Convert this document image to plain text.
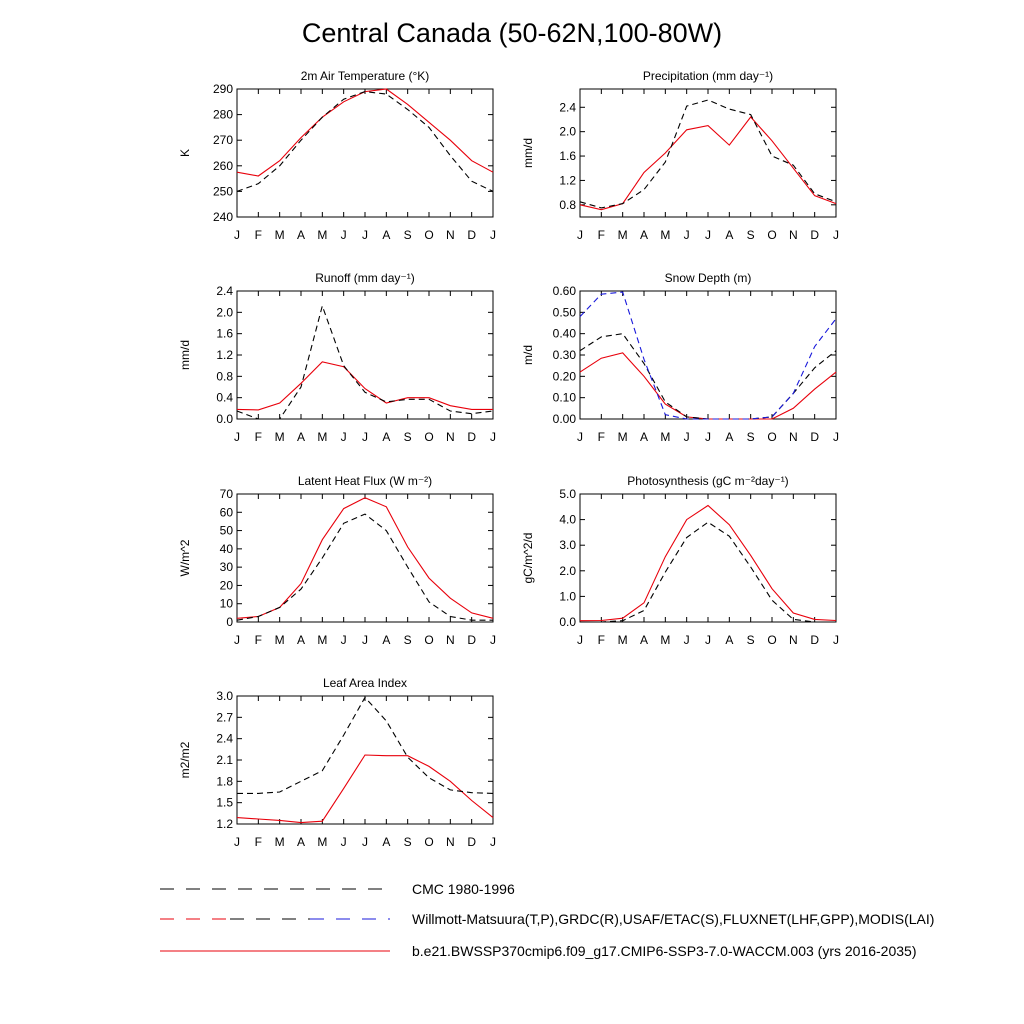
Central Canada (50-62N,100-80W)
2m Air Temperature (°K)
K
240
250
260
270
280
290
J F M A M J J A S O N D J
Precipitation (mm day⁻¹)
mm/d
0.8
1.2
1.6
2.0
2.4
J F M A M J J A S O N D J
Runoff (mm day⁻¹)
mm/d
0.0
0.4
0.8
1.2
1.6
2.0
2.4
J F M A M J J A S O N D J
Snow Depth (m)
m/d
0.00
0.10
0.20
0.30
0.40
0.50
0.60
J F M A M J J A S O N D J
Latent Heat Flux (W m⁻²)
W/m^2
0
10
20
30
40
50
60
70
J F M A M J J A S O N D J
Photosynthesis (gC m⁻²day⁻¹)
gC/m^2/d
0.0
1.0
2.0
3.0
4.0
5.0
J F M A M J J A S O N D J
Leaf Area Index
m2/m2
1.2
1.5
1.8
2.1
2.4
2.7
3.0
J F M A M J J A S O N D J
CMC 1980-1996
Willmott-Matsuura(T,P),GRDC(R),USAF/ETAC(S),FLUXNET(LHF,GPP),MODIS(LAI)
b.e21.BWSSP370cmip6.f09_g17.CMIP6-SSP3-7.0-WACCM.003 (yrs 2016-2035)
